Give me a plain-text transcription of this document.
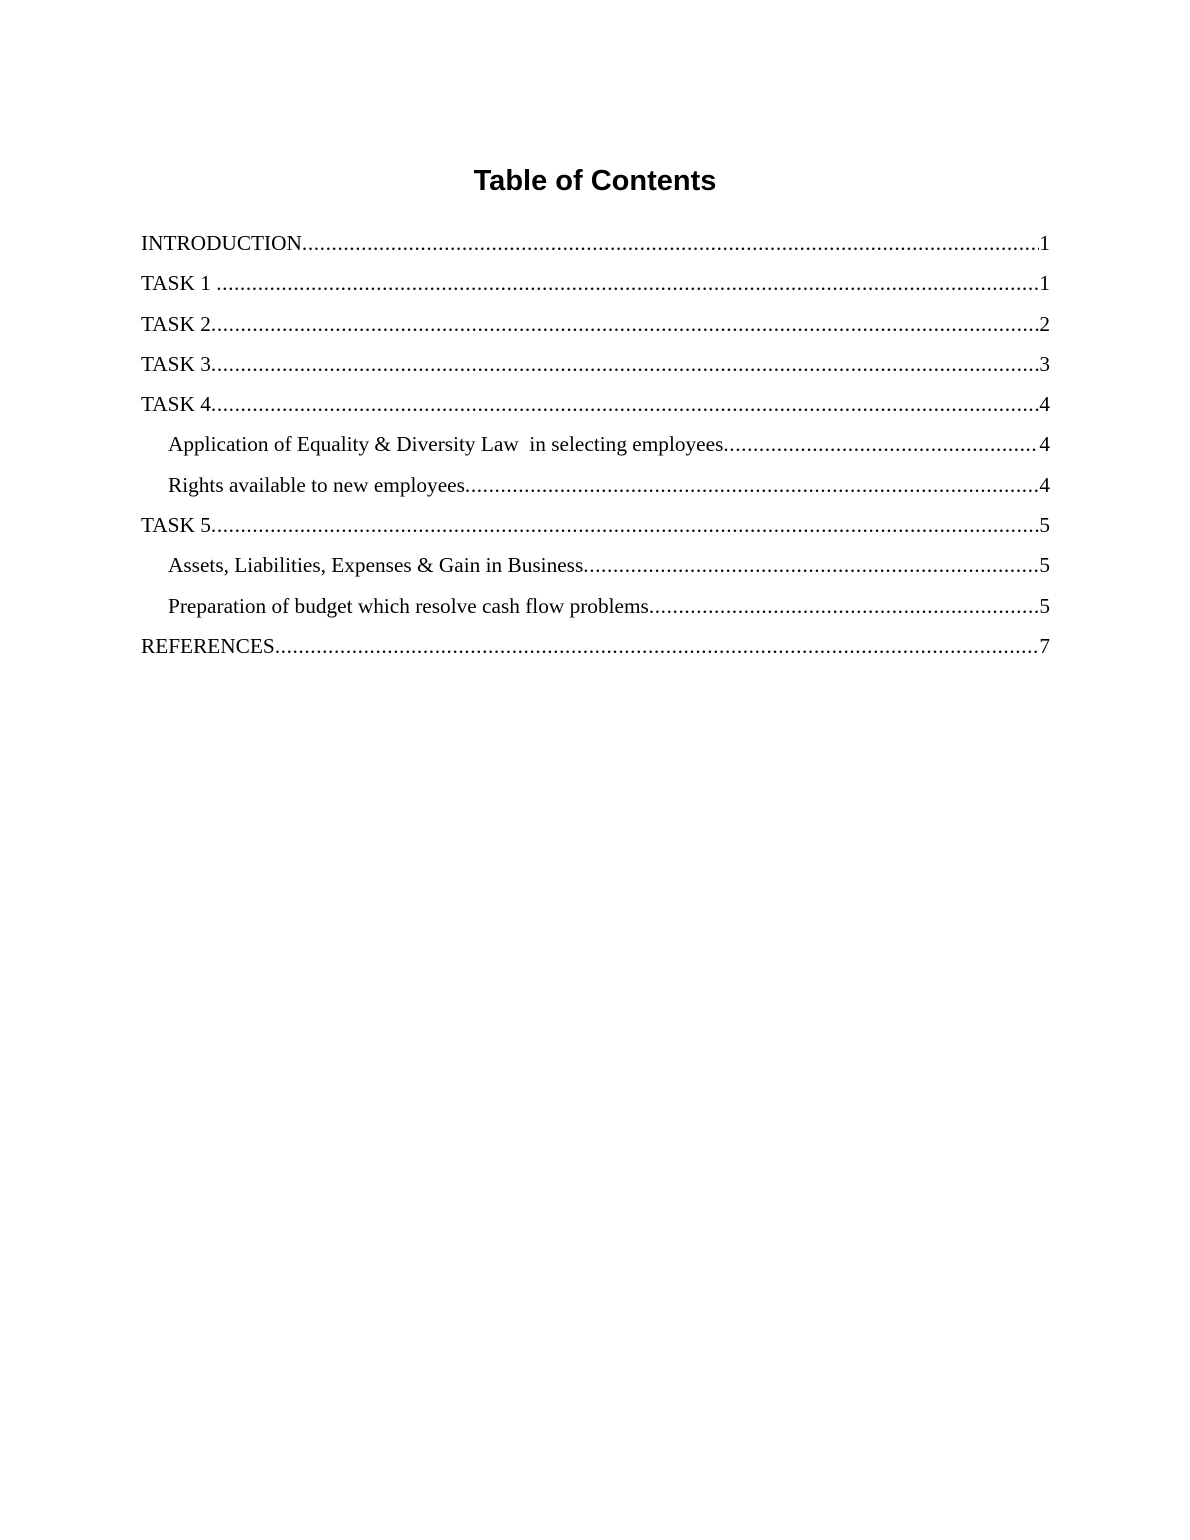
Table of Contents
INTRODUCTION .....	1
TASK 1 .....	1
TASK 2 .....	2
TASK 3 .....	3
TASK 4 .....	4
Application of Equality & Diversity Law  in selecting employees .....	4
Rights available to new employees .....	4
TASK 5 .....	5
Assets, Liabilities, Expenses & Gain in Business .....	5
Preparation of budget which resolve cash flow problems .....	5
REFERENCES .....	7
